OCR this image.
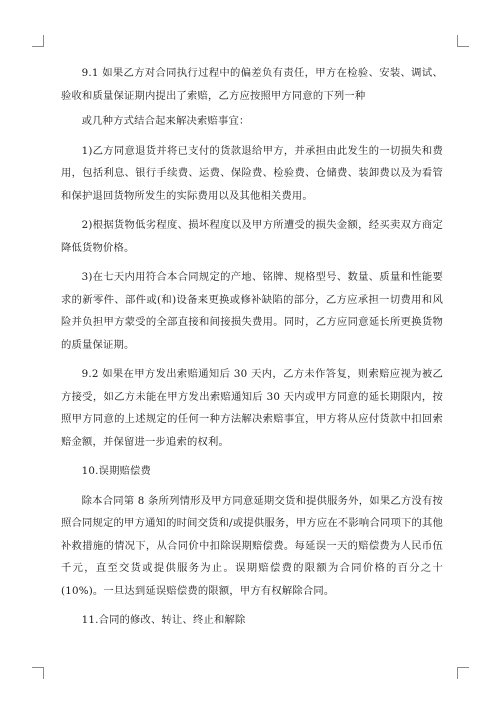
9.1 如果乙方对合同执行过程中的偏差负有责任，甲方在检验、安装、调试、验收和质量保证期内提出了索赔，乙方应按照甲方同意的下列一种

或几种方式结合起来解决索赔事宜：

1)乙方同意退货并将已支付的货款退给甲方，并承担由此发生的一切损失和费用，包括利息、银行手续费、运费、保险费、检验费、仓储费、装卸费以及为看管和保护退回货物所发生的实际费用以及其他相关费用。

2)根据货物低劣程度、损坏程度以及甲方所遭受的损失金额，经买卖双方商定降低货物价格。

3)在七天内用符合本合同规定的产地、铭牌、规格型号、数量、质量和性能要求的新零件、部件或(和)设备来更换或修补缺陷的部分，乙方应承担一切费用和风险并负担甲方蒙受的全部直接和间接损失费用。同时，乙方应同意延长所更换货物的质量保证期。

9.2 如果在甲方发出索赔通知后 30 天内，乙方未作答复，则索赔应视为被乙方接受，如乙方未能在甲方发出索赔通知后 30 天内或甲方同意的延长期限内，按照甲方同意的上述规定的任何一种方法解决索赔事宜，甲方将从应付货款中扣回索赔金额，并保留进一步追索的权利。

10.误期赔偿费

除本合同第 8 条所列情形及甲方同意延期交货和提供服务外，如果乙方没有按照合同规定的甲方通知的时间交货和/或提供服务，甲方应在不影响合同项下的其他补救措施的情况下，从合同价中扣除误期赔偿费。每延误一天的赔偿费为人民币伍千元，直至交货或提供服务为止。误期赔偿费的限额为合同价格的百分之十(10%)。一旦达到延误赔偿费的限额，甲方有权解除合同。

11.合同的修改、转让、终止和解除
